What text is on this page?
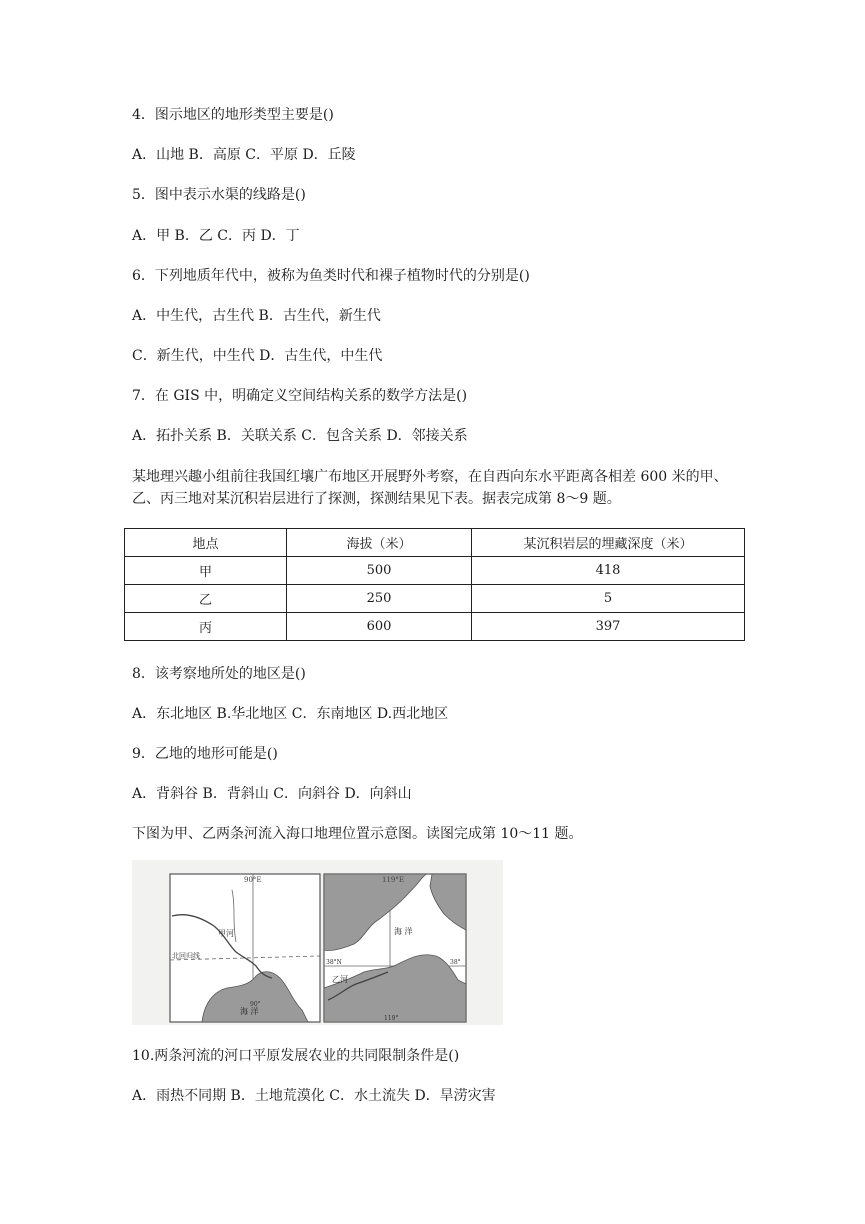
4．图示地区的地形类型主要是()
A．山地 B．高原 C．平原 D．丘陵
5．图中表示水渠的线路是()
A．甲 B．乙 C．丙 D．丁
6．下列地质年代中，被称为鱼类时代和裸子植物时代的分别是()
A．中生代，古生代 B．古生代，新生代
C．新生代，中生代 D．古生代，中生代
7．在 GIS 中，明确定义空间结构关系的数学方法是()
A．拓扑关系 B．关联关系 C．包含关系 D．邻接关系
某地理兴趣小组前往我国红壤广布地区开展野外考察，在自西向东水平距离各相差 600 米的甲、乙、丙三地对某沉积岩层进行了探测，探测结果见下表。据表完成第 8～9 题。
地点	海拔（米）	某沉积岩层的埋藏深度（米）
甲	500	418
乙	250	5
丙	600	397
8．该考察地所处的地区是()
A．东北地区 B.华北地区 C．东南地区 D.西北地区
9．乙地的地形可能是()
A．背斜谷 B．背斜山 C．向斜谷 D．向斜山
下图为甲、乙两条河流入海口地理位置示意图。读图完成第 10～11 题。
90°E
甲河
北回归线
海 洋
90°
119°E
海 洋
38°N	38°
乙河
119°
10.两条河流的河口平原发展农业的共同限制条件是()
A．雨热不同期 B．土地荒漠化 C．水土流失 D．旱涝灾害
